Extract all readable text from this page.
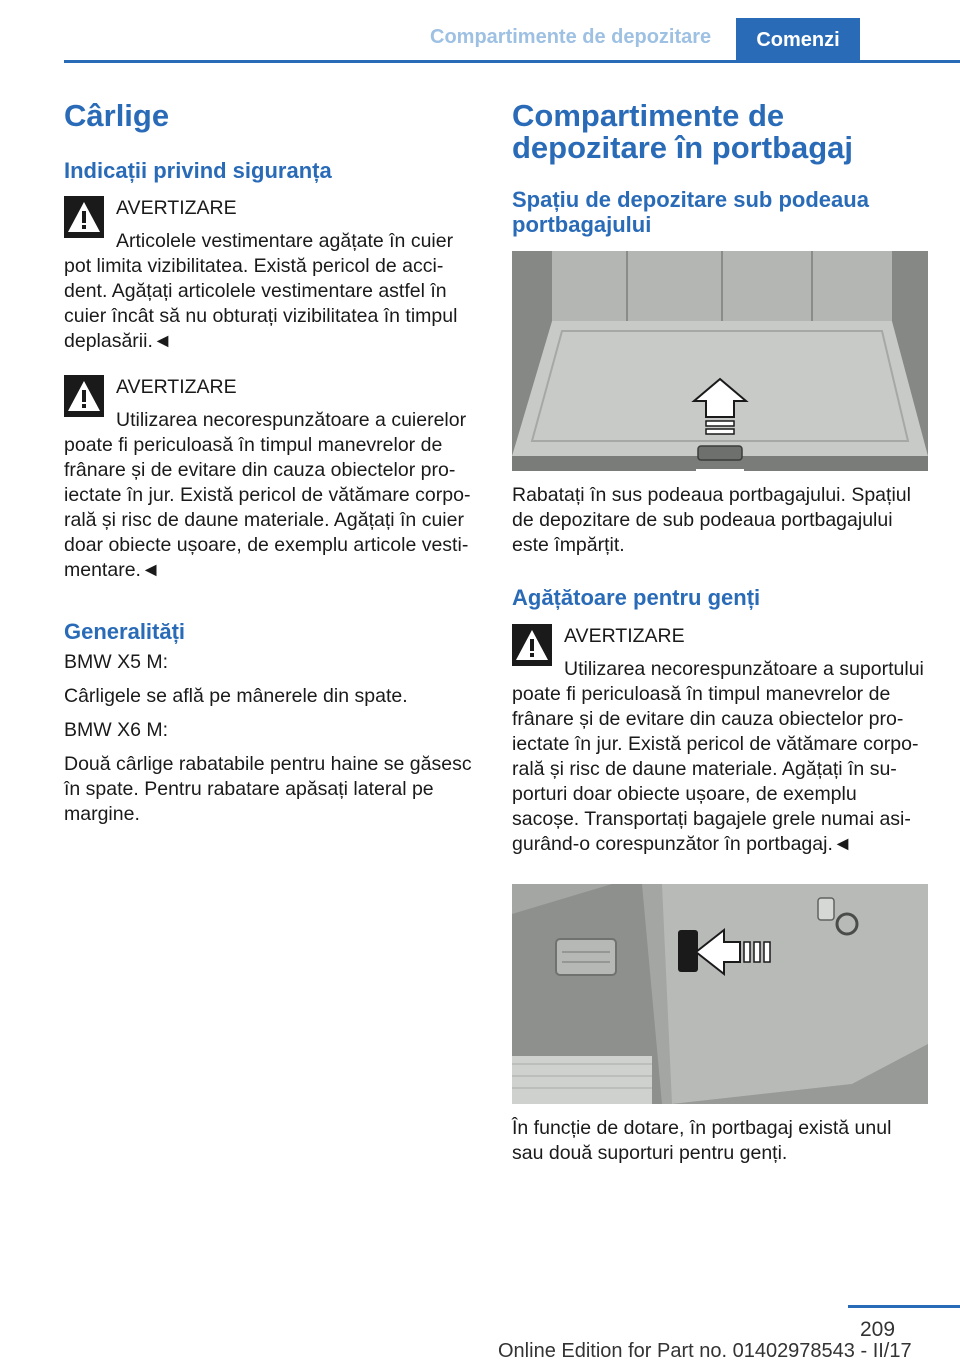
Compartimente de depozitare	Comenzi
Cârlige
Indicații privind siguranța
AVERTIZARE

Articolele vestimentare agățate în cuier pot limita vizibilitatea. Există pericol de accident. Agățați articolele vestimentare astfel în cuier încât să nu obturați vizibilitatea în timpul deplasării.◄

AVERTIZARE

Utilizarea necorespunzătoare a cuierelor poate fi periculoasă în timpul manevrelor de frânare și de evitare din cauza obiectelor proiectate în jur. Există pericol de vătămare corporală și risc de daune materiale. Agățați în cuier doar obiecte ușoare, de exemplu articole vestimentare.◄

Generalități

BMW X5 M:

Cârligele se află pe mânerele din spate.

BMW X6 M:

Două cârlige rabatabile pentru haine se găsesc în spate. Pentru rabatare apăsați lateral pe margine.

Compartimente de depozitare în portbagaj
Spațiu de depozitare sub podeaua portbagajului

Rabatați în sus podeaua portbagajului. Spațiul de depozitare de sub podeaua portbagajului este împărțit.

Agățătoare pentru genți
AVERTIZARE

Utilizarea necorespunzătoare a suportului poate fi periculoasă în timpul manevrelor de frânare și de evitare din cauza obiectelor proiectate în jur. Există pericol de vătămare corporală și risc de daune materiale. Agățați în suporturi doar obiecte ușoare, de exemplu sacoșe. Transportați bagajele grele numai asigurând-o corespunzător în portbagaj.◄

În funcție de dotare, în portbagaj există unul sau două suporturi pentru genți.

209
Online Edition for Part no. 01402978543 - II/17
